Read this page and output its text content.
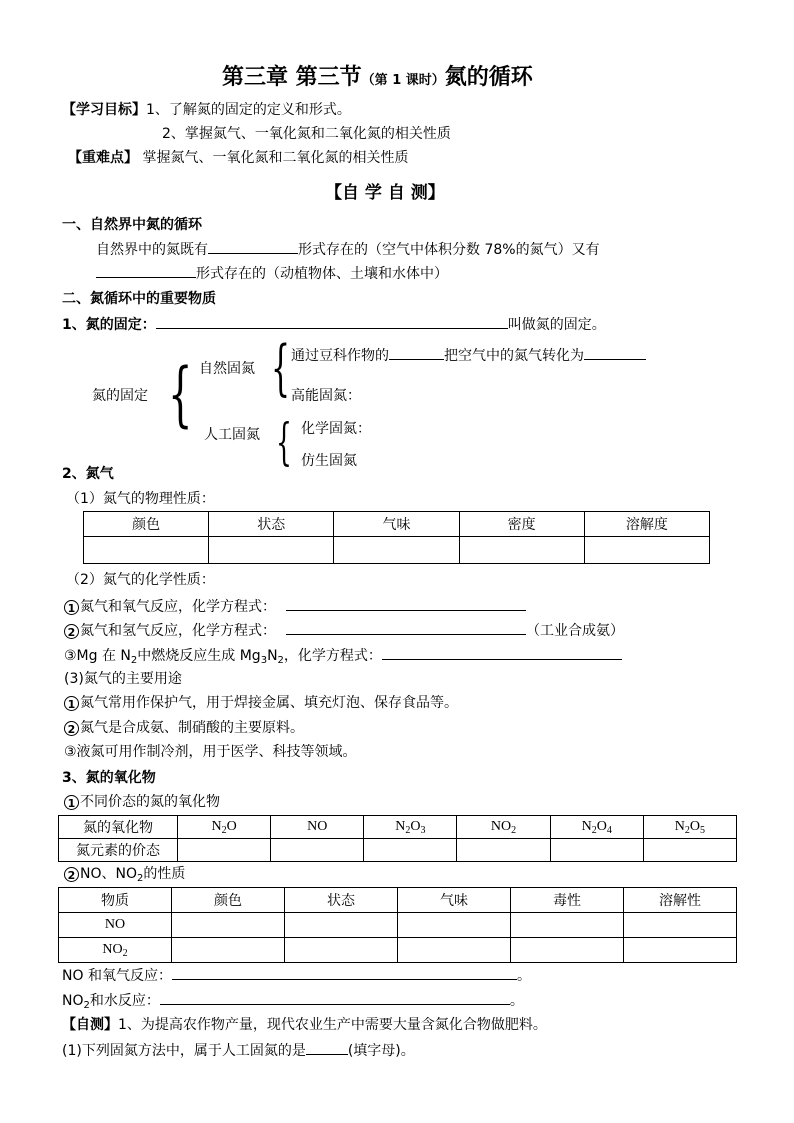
第三章 第三节（第 1 课时）氮的循环
【学习目标】1、了解氮的固定的定义和形式。
2、掌握氮气、一氧化氮和二氧化氮的相关性质
【重难点】 掌握氮气、一氧化氮和二氧化氮的相关性质
【自 学 自 测】
一、自然界中氮的循环
自然界中的氮既有	形式存在的（空气中体积分数 78%的氮气）又有
形式存在的（动植物体、土壤和水体中）
二、氮循环中的重要物质
1、氮的固定：	叫做氮的固定。
氮的固定 { 自然固氮
人工固氮
{ 通过豆科作物的	把空气中的氮气转化为
高能固氮：
{ 化学固氮：
仿生固氮
2、氮气
（1）氮气的物理性质：
颜色	状态	气味	密度	溶解度

（2）氮气的化学性质：
1 氮气和氧气反应，化学方程式：
2 氮气和氢气反应，化学方程式：	（工业合成氨）
③Mg 在 $N_2$中燃烧反应生成 $Mg_3N_2$，化学方程式：
(3)氮气的主要用途
1 氮气常用作保护气，用于焊接金属、填充灯泡、保存食品等。
2 氮气是合成氨、制硝酸的主要原料。
③液氮可用作制冷剂，用于医学、科技等领域。
3、氮的氧化物
1 不同价态的氮的氧化物
氮的氧化物	$N_2O$	NO	$N_2O_3$	$NO_2$	$N_2O_4$	$N_2O_5$
氮元素的价态						
2 NO、$NO_2$的性质
物质	颜色	状态	气味	毒性	溶解性
NO					
$NO_2$					
NO 和氧气反应：	。
$NO_2$和水反应：	。
【自测】1、为提高农作物产量，现代农业生产中需要大量含氮化合物做肥料。
(1)下列固氮方法中，属于人工固氮的是	(填字母)。
